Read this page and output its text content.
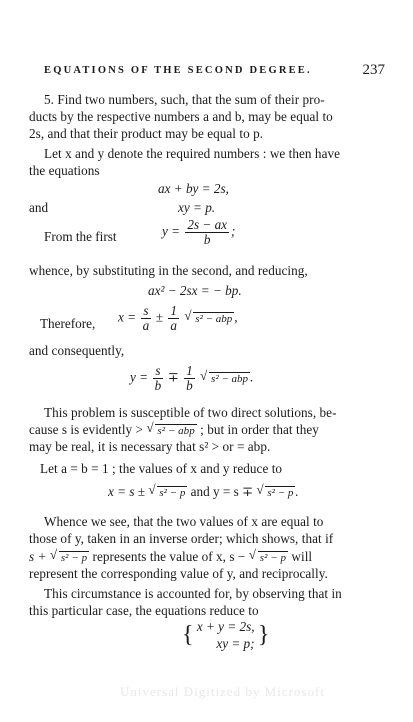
EQUATIONS OF THE SECOND DEGREE.	237
5. Find two numbers, such, that the sum of their pro-
ducts by the respective numbers a and b, may be equal to
2s, and that their product may be equal to p.
Let x and y denote the required numbers : we then have
the equations
ax + by = 2s,
and	xy = p.
From the first	$y = \frac{2s - ax}{b}$ ;
whence, by substituting in the second, and reducing,
ax² − 2sx = − bp.
Therefore, $x = \frac{s}{a} \pm \frac{1}{a}$ √ s² − abp ,
and consequently,
$y = \frac{s}{b} \mp \frac{1}{b}$ √ s² − abp .
This problem is susceptible of two direct solutions, be-
cause s is evidently > √ s² − abp ; but in order that they
may be real, it is necessary that s² > or = abp.
Let a = b = 1 ; the values of x and y reduce to
x = s ± √ s² − p and y = s ∓ √ s² − p .
Whence we see, that the two values of x are equal to
those of y, taken in an inverse order; which shows, that if
s + √ s² − p represents the value of x, s − √ s² − p will
represent the corresponding value of y, and reciprocally.
This circumstance is accounted for, by observing that in
this particular case, the equations reduce to
{ x + y = 2s,
xy = p; }
Universal Digitized by Microsoft
